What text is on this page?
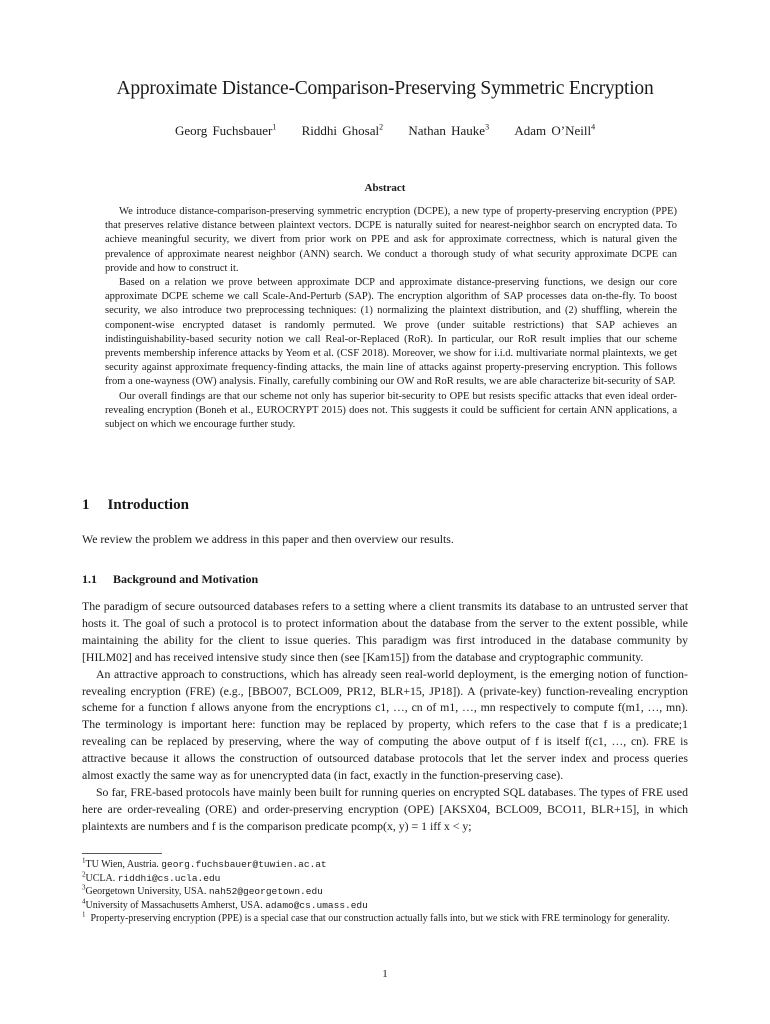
Approximate Distance-Comparison-Preserving Symmetric Encryption
Georg Fuchsbauer$^1$ Riddhi Ghosal$^2$ Nathan Hauke$^3$ Adam O’Neill$^4$
Abstract

We introduce distance-comparison-preserving symmetric encryption (DCPE), a new type of property-preserving encryption (PPE) that preserves relative distance between plaintext vectors. DCPE is naturally suited for nearest-neighbor search on encrypted data. To achieve meaningful security, we divert from prior work on PPE and ask for approximate correctness, which is natural given the prevalence of approximate nearest neighbor (ANN) search. We conduct a thorough study of what security approximate DCPE can provide and how to construct it.

Based on a relation we prove between approximate DCP and approximate distance-preserving functions, we design our core approximate DCPE scheme we call Scale-And-Perturb (SAP). The encryption algorithm of SAP processes data on-the-fly. To boost security, we also introduce two preprocessing techniques: (1) normalizing the plaintext distribution, and (2) shuffling, wherein the component-wise encrypted dataset is randomly permuted. We prove (under suitable restrictions) that SAP achieves an indistinguishability-based security notion we call Real-or-Replaced (RoR). In particular, our RoR result implies that our scheme prevents membership inference attacks by Yeom et al. (CSF 2018). Moreover, we show for i.i.d. multivariate normal plaintexts, we get security against approximate frequency-finding attacks, the main line of attacks against property-preserving encryption. This follows from a one-wayness (OW) analysis. Finally, carefully combining our OW and RoR results, we are able characterize bit-security of SAP.

Our overall findings are that our scheme not only has superior bit-security to OPE but resists specific attacks that even ideal order-revealing encryption (Boneh et al., EUROCRYPT 2015) does not. This suggests it could be sufficient for certain ANN applications, a subject on which we encourage further study.

1 Introduction
We review the problem we address in this paper and then overview our results.
1.1 Background and Motivation

The paradigm of secure outsourced databases refers to a setting where a client transmits its database to an untrusted server that hosts it. The goal of such a protocol is to protect information about the database from the server to the extent possible, while maintaining the ability for the client to issue queries. This paradigm was first introduced in the database community by [HILM02] and has received intensive study since then (see [Kam15]) from the database and cryptographic community.

An attractive approach to constructions, which has already seen real-world deployment, is the emerging notion of function-revealing encryption (FRE) (e.g., [BBO07, BCLO09, PR12, BLR+15, JP18]). A (private-key) function-revealing encryption scheme for a function f allows anyone from the encryptions c1, …, cn of m1, …, mn respectively to compute f(m1, …, mn). The terminology is important here: function may be replaced by property, which refers to the case that f is a predicate;1 revealing can be replaced by preserving, where the way of computing the above output of f is itself f(c1, …, cn). FRE is attractive because it allows the construction of outsourced database protocols that let the server index and process queries almost exactly the same way as for unencrypted data (in fact, exactly in the function-preserving case).

So far, FRE-based protocols have mainly been built for running queries on encrypted SQL databases. The types of FRE used here are order-revealing (ORE) and order-preserving encryption (OPE) [AKSX04, BCLO09, BCO11, BLR+15], in which plaintexts are numbers and f is the comparison predicate pcomp(x, y) = 1 iff x < y;

$^1$TU Wien, Austria. georg.fuchsbauer@tuwien.ac.at

$^2$UCLA. riddhi@cs.ucla.edu

$^3$Georgetown University, USA. nah52@georgetown.edu

$^4$University of Massachusetts Amherst, USA. adamo@cs.umass.edu

$^1$ Property-preserving encryption (PPE) is a special case that our construction actually falls into, but we stick with FRE terminology for generality.

1
